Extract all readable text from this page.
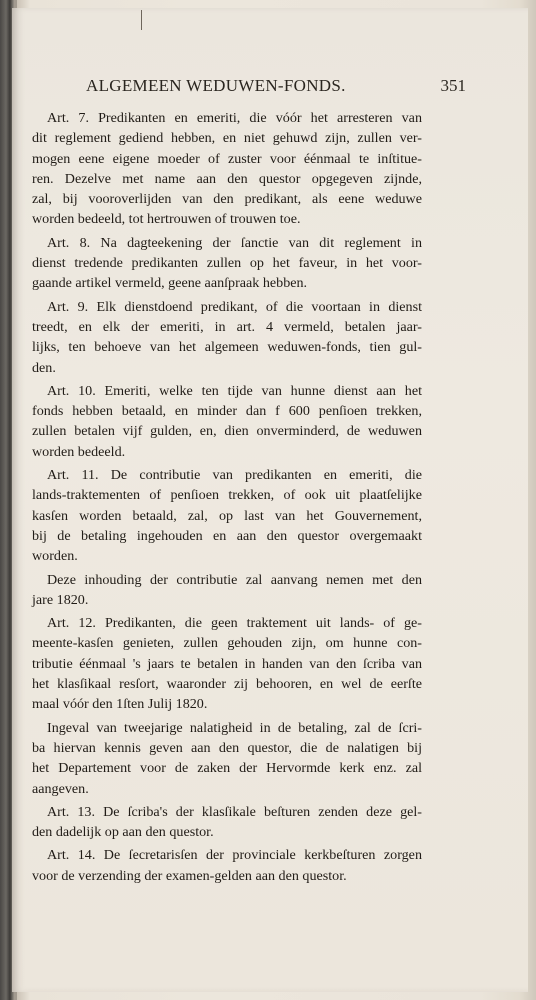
ALGEMEEN WEDUWEN-FONDS.	351
Art. 7. Predikanten en emeriti, die vóór het arresteren van
dit reglement gediend hebben, en niet gehuwd zijn, zullen ver-
mogen eene eigene moeder of zuster voor éénmaal te inſtitue-
ren. Dezelve met name aan den questor opgegeven zijnde,
zal, bij vooroverlijden van den predikant, als eene weduwe
worden bedeeld, tot hertrouwen of trouwen toe.
Art. 8. Na dagteekening der ſanctie van dit reglement in
dienst tredende predikanten zullen op het faveur, in het voor-
gaande artikel vermeld, geene aanſpraak hebben.
Art. 9. Elk dienstdoend predikant, of die voortaan in dienst
treedt, en elk der emeriti, in art. 4 vermeld, betalen jaar-
lijks, ten behoeve van het algemeen weduwen-fonds, tien gul-
den.
Art. 10. Emeriti, welke ten tijde van hunne dienst aan het
fonds hebben betaald, en minder dan f 600 penſioen trekken,
zullen betalen vijf gulden, en, dien onverminderd, de weduwen
worden bedeeld.
Art. 11. De contributie van predikanten en emeriti, die
lands-traktementen of penſioen trekken, of ook uit plaatſelijke
kasſen worden betaald, zal, op last van het Gouvernement,
bij de betaling ingehouden en aan den questor overgemaakt
worden.
Deze inhouding der contributie zal aanvang nemen met den
jare 1820.
Art. 12. Predikanten, die geen traktement uit lands- of ge-
meente-kasſen genieten, zullen gehouden zijn, om hunne con-
tributie éénmaal 's jaars te betalen in handen van den ſcriba van
het klasſikaal resſort, waaronder zij behooren, en wel de eerſte
maal vóór den 1ſten Julij 1820.
Ingeval van tweejarige nalatigheid in de betaling, zal de ſcri-
ba hiervan kennis geven aan den questor, die de nalatigen bij
het Departement voor de zaken der Hervormde kerk enz. zal
aangeven.
Art. 13. De ſcriba's der klasſikale beſturen zenden deze gel-
den dadelijk op aan den questor.
Art. 14. De ſecretarisſen der provinciale kerkbeſturen zorgen
voor de verzending der examen-gelden aan den questor.
